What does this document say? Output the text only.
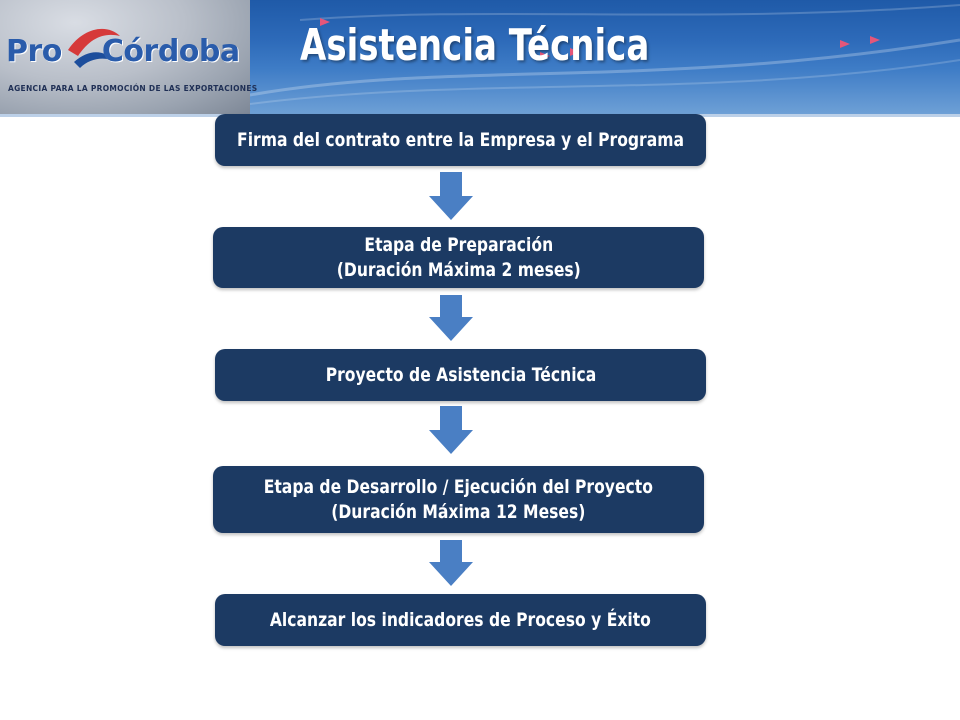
Pro Córdoba
AGENCIA PARA LA PROMOCIÓN DE LAS EXPORTACIONES
Asistencia Técnica
Firma del contrato entre la Empresa y el Programa
Etapa de Preparación
(Duración Máxima 2 meses)
Proyecto de Asistencia Técnica
Etapa de Desarrollo / Ejecución del Proyecto
(Duración Máxima 12 Meses)
Alcanzar los indicadores de Proceso y Éxito
